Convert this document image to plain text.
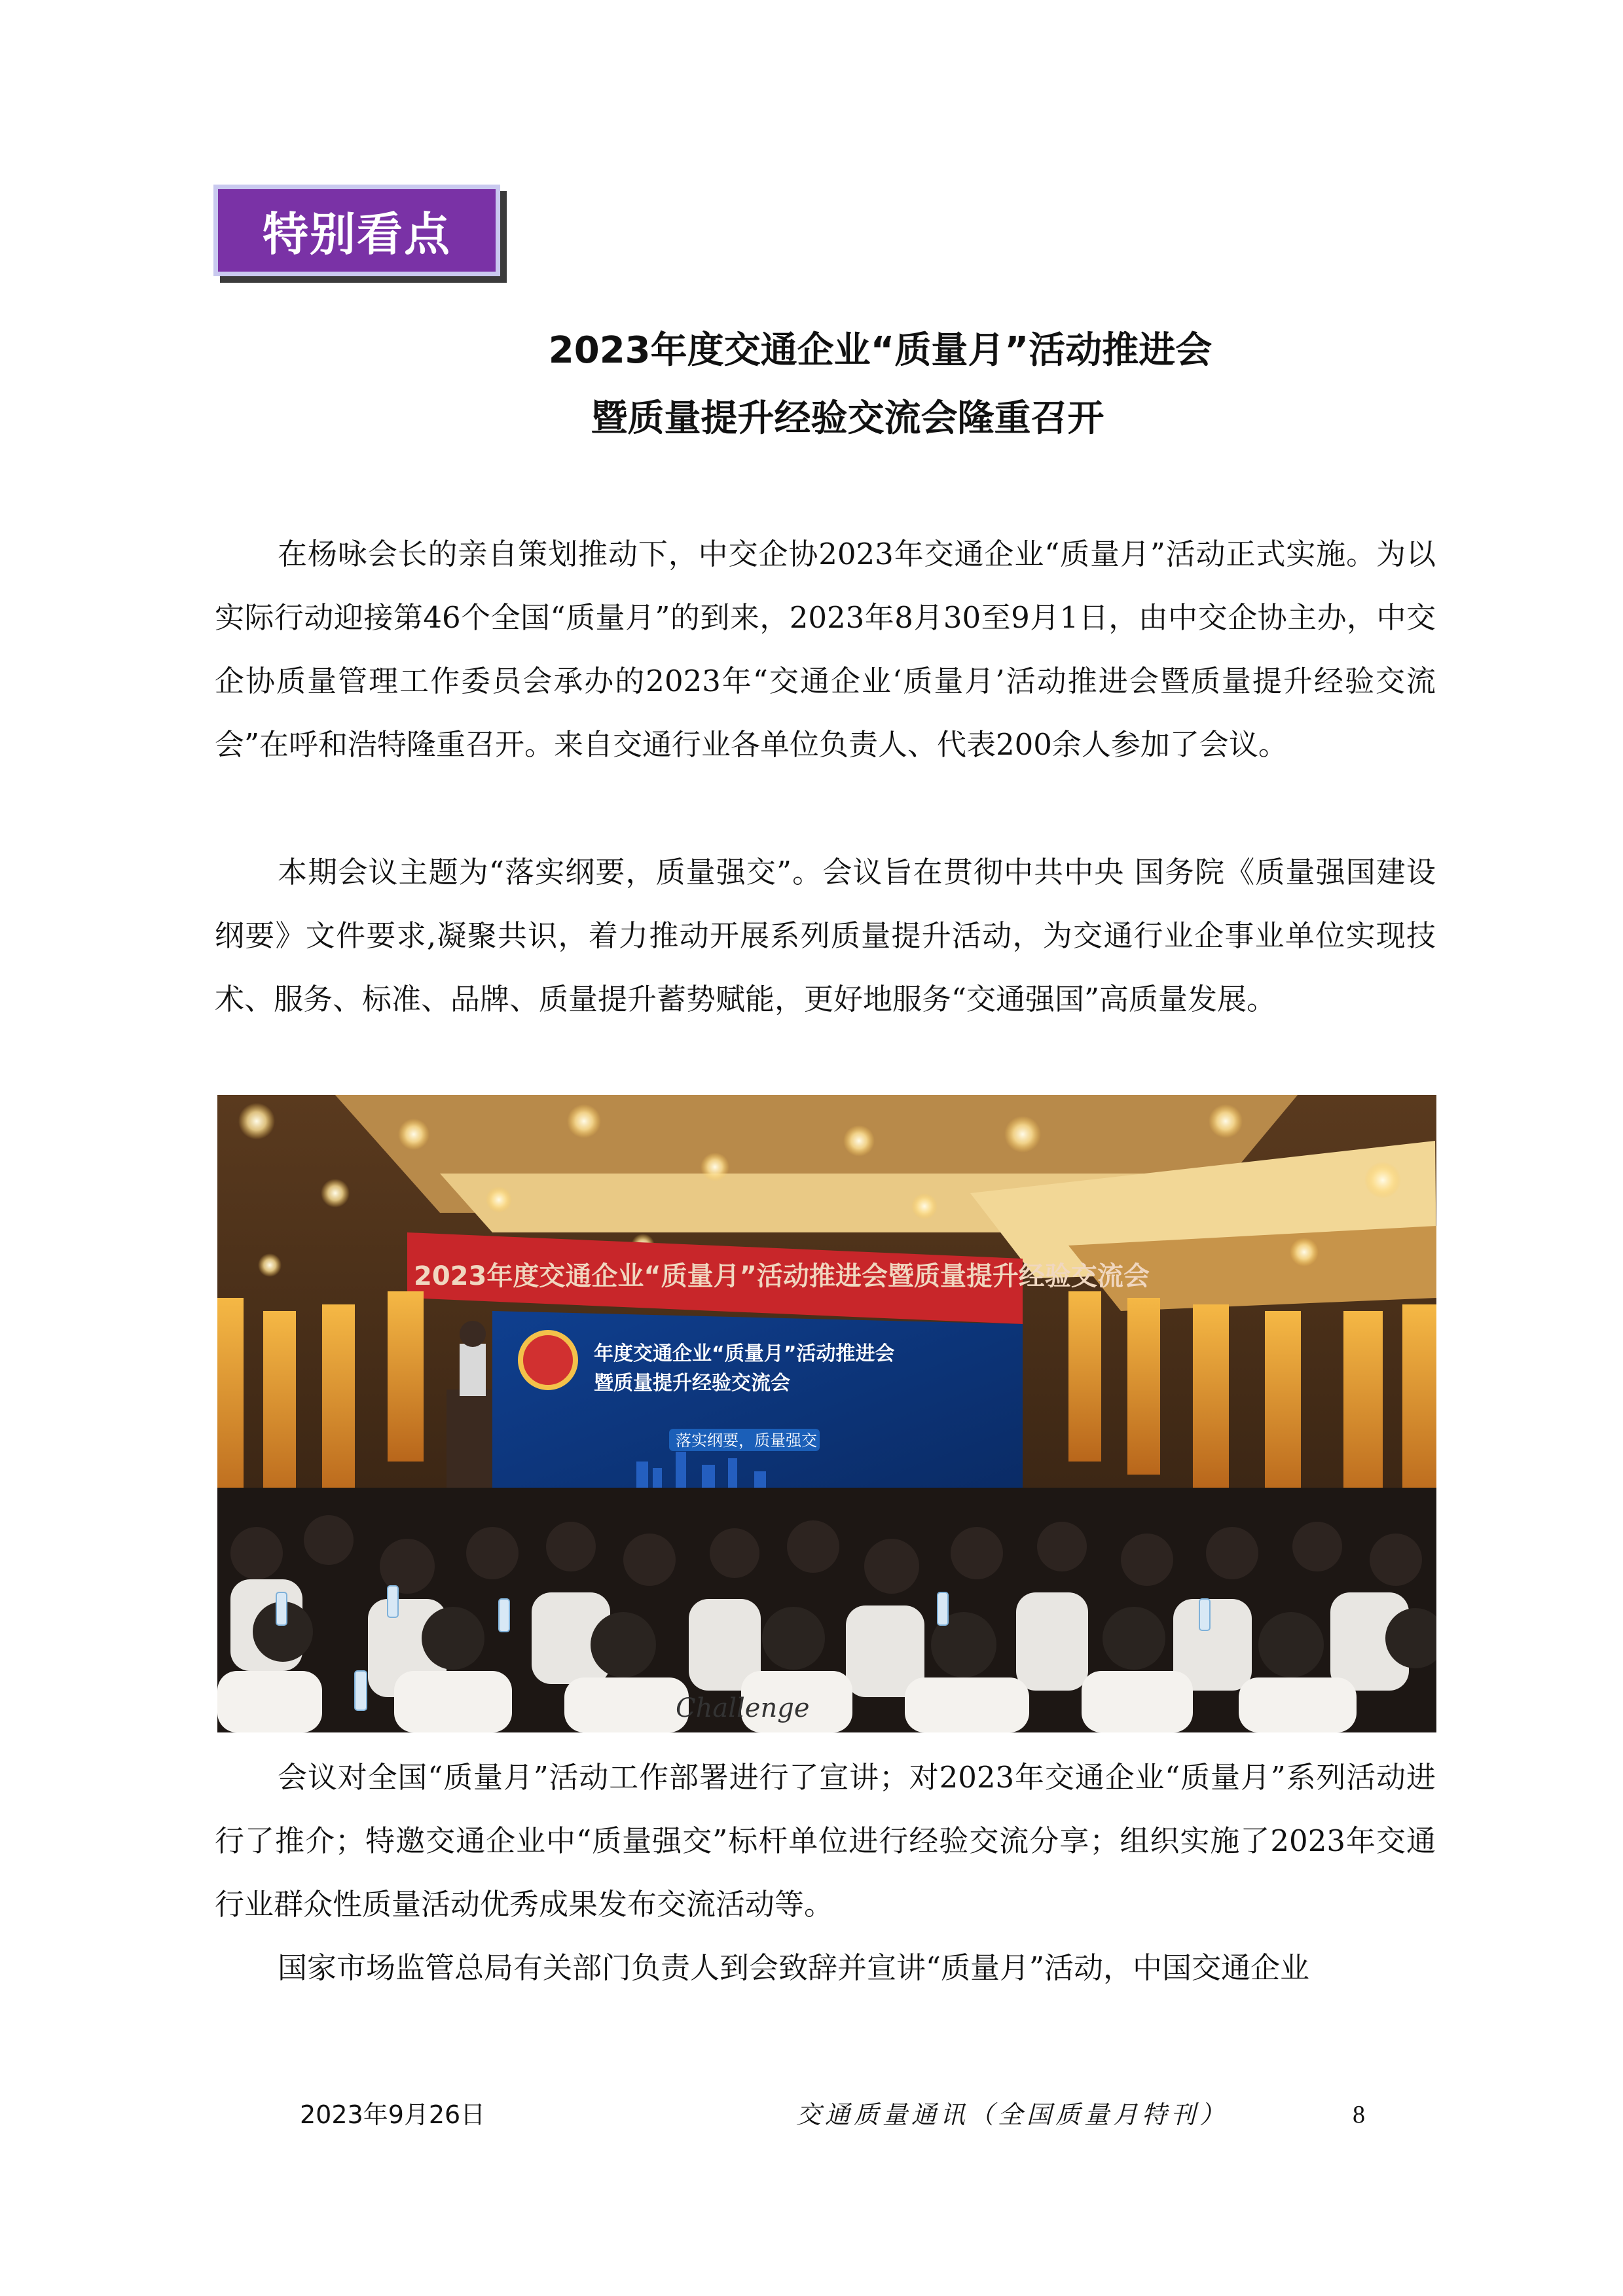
特别看点
2023年度交通企业“质量月”活动推进会
暨质量提升经验交流会隆重召开

在杨咏会长的亲自策划推动下，中交企协2023年交通企业“质量月”活动正式实施。为以实际行动迎接第46个全国“质量月”的到来，2023年8月30至9月1日，由中交企协主办，中交企协质量管理工作委员会承办的2023年“交通企业‘质量月’活动推进会暨质量提升经验交流会”在呼和浩特隆重召开。来自交通行业各单位负责人、代表200余人参加了会议。

本期会议主题为“落实纲要，质量强交”。会议旨在贯彻中共中央 国务院《质量强国建设纲要》文件要求,凝聚共识，着力推动开展系列质量提升活动，为交通行业企事业单位实现技术、服务、标准、品牌、质量提升蓄势赋能，更好地服务“交通强国”高质量发展。

2023年度交通企业“质量月”活动推进会暨质量提升经验交流会
年度交通企业“质量月”活动推进会
暨质量提升经验交流会
落实纲要，质量强交
Challenge

会议对全国“质量月”活动工作部署进行了宣讲；对2023年交通企业“质量月”系列活动进行了推介；特邀交通企业中“质量强交”标杆单位进行经验交流分享；组织实施了2023年交通行业群众性质量活动优秀成果发布交流活动等。

国家市场监管总局有关部门负责人到会致辞并宣讲“质量月”活动，中国交通企业

2023年9月26日	交通质量通讯（全国质量月特刊）	8
